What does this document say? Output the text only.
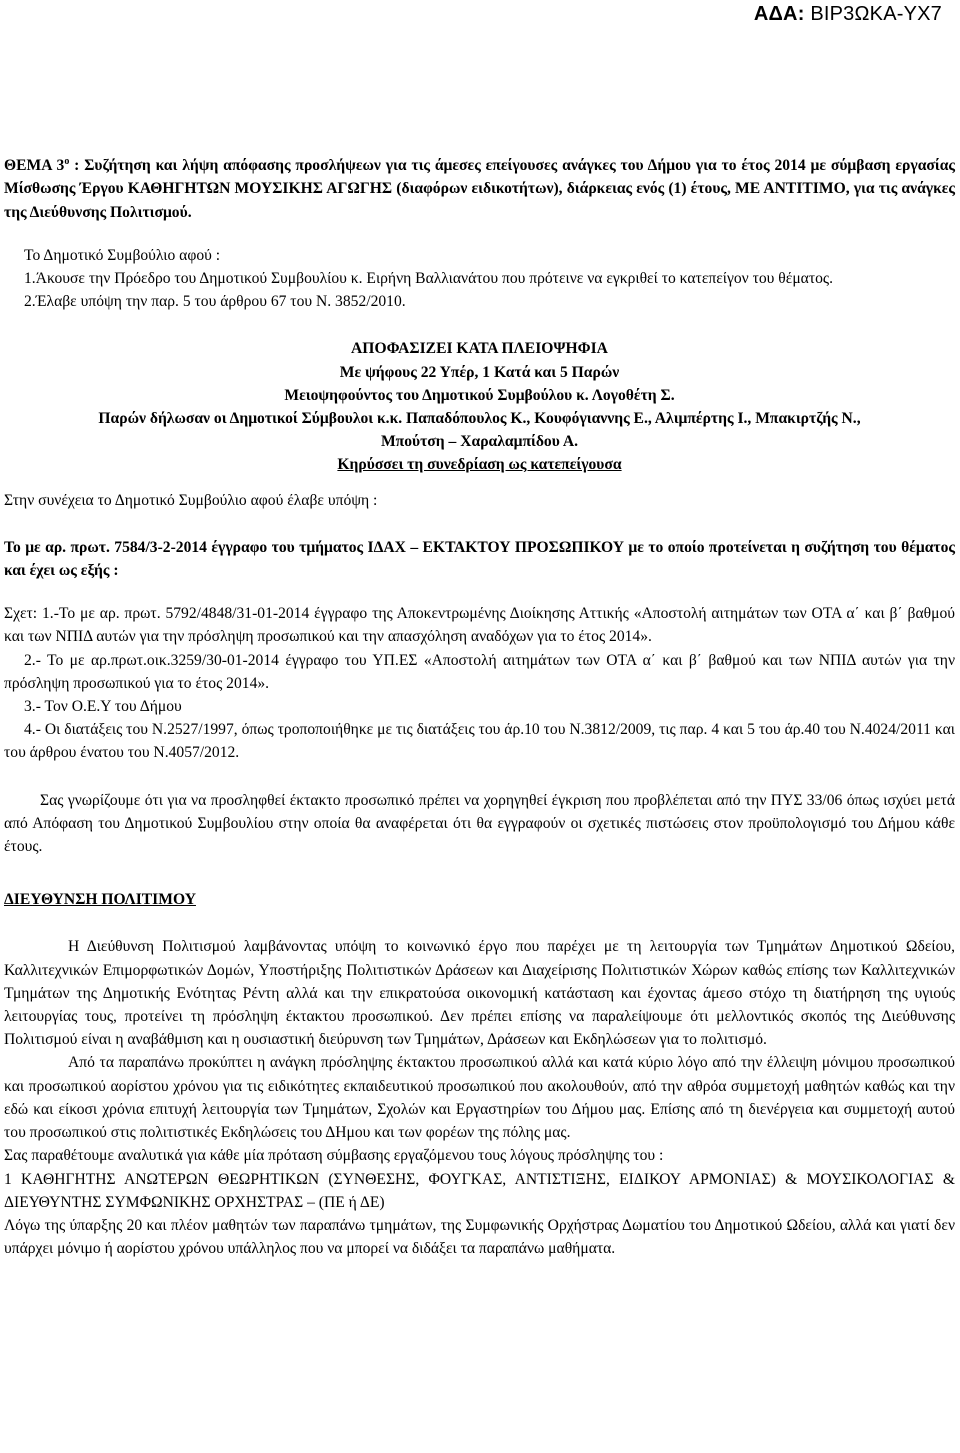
ΑΔΑ: ΒΙΡ3ΩΚΑ-ΥΧ7

ΘΕΜΑ $3^o$ : Συζήτηση και λήψη απόφασης προσλήψεων για τις άμεσες επείγουσες ανάγκες του Δήμου για το έτος 2014 με σύμβαση εργασίας Μίσθωσης Έργου ΚΑΘΗΓΗΤΩΝ ΜΟΥΣΙΚΗΣ ΑΓΩΓΗΣ (διαφόρων ειδικοτήτων), διάρκειας ενός (1) έτους, ΜΕ ΑΝΤΙΤΙΜΟ, για τις ανάγκες της Διεύθυνσης Πολιτισμού.

Το Δημοτικό Συμβούλιο αφού :

1.Άκουσε την Πρόεδρο του Δημοτικού Συμβουλίου κ. Ειρήνη Βαλλιανάτου που πρότεινε να εγκριθεί το κατεπείγον του θέματος.

2.Έλαβε υπόψη την παρ. 5 του άρθρου 67 του Ν. 3852/2010.

ΑΠΟΦΑΣΙΖΕΙ ΚΑΤΑ ΠΛΕΙΟΨΗΦΙΑ

Με ψήφους 22 Υπέρ, 1 Κατά και 5 Παρών

Μειοψηφούντος του Δημοτικού Συμβούλου κ. Λογοθέτη Σ.

Παρών δήλωσαν οι Δημοτικοί Σύμβουλοι κ.κ. Παπαδόπουλος Κ., Κουφόγιαννης Ε., Αλιμπέρτης Ι., Μπακιρτζής Ν., Μπούτση – Χαραλαμπίδου Α.

Κηρύσσει τη συνεδρίαση ως κατεπείγουσα

Στην συνέχεια το Δημοτικό Συμβούλιο αφού έλαβε υπόψη :

Το με αρ. πρωτ. 7584/3-2-2014 έγγραφο του τμήματος ΙΔΑΧ – ΕΚΤΑΚΤΟΥ ΠΡΟΣΩΠΙΚΟΥ με το οποίο προτείνεται η συζήτηση του θέματος και έχει ως εξής :

Σχετ: 1.-Το με αρ. πρωτ. 5792/4848/31-01-2014 έγγραφο της Αποκεντρωμένης Διοίκησης Αττικής «Αποστολή αιτημάτων των ΟΤΑ α΄ και β΄ βαθμού και των ΝΠΙΔ αυτών για την πρόσληψη προσωπικού και την απασχόληση αναδόχων για το έτος 2014».

2.- Το με αρ.πρωτ.οικ.3259/30-01-2014 έγγραφο του ΥΠ.ΕΣ «Αποστολή αιτημάτων των ΟΤΑ α΄ και β΄ βαθμού και των ΝΠΙΔ αυτών για την πρόσληψη προσωπικού για το έτος 2014».

3.- Τον Ο.Ε.Υ του Δήμου

4.- Οι διατάξεις του Ν.2527/1997, όπως τροποποιήθηκε με τις διατάξεις του άρ.10 του Ν.3812/2009, τις παρ. 4 και 5 του άρ.40 του Ν.4024/2011 και του άρθρου ένατου του Ν.4057/2012.

Σας γνωρίζουμε ότι για να προσληφθεί έκτακτο προσωπικό πρέπει να χορηγηθεί έγκριση που προβλέπεται από την ΠΥΣ 33/06 όπως ισχύει μετά από Απόφαση του Δημοτικού Συμβουλίου στην οποία θα αναφέρεται ότι θα εγγραφούν οι σχετικές πιστώσεις στον προϋπολογισμό του Δήμου κάθε έτους.

ΔΙΕΥΘΥΝΣΗ ΠΟΛΙΤΙΜΟΥ

Η Διεύθυνση Πολιτισμού λαμβάνοντας υπόψη το κοινωνικό έργο που παρέχει με τη λειτουργία των Τμημάτων Δημοτικού Ωδείου, Καλλιτεχνικών Επιμορφωτικών Δομών, Υποστήριξης Πολιτιστικών Δράσεων και Διαχείρισης Πολιτιστικών Χώρων καθώς επίσης των Καλλιτεχνικών Τμημάτων της Δημοτικής Ενότητας Ρέντη αλλά και την επικρατούσα οικονομική κατάσταση και έχοντας άμεσο στόχο τη διατήρηση της υγιούς λειτουργίας τους, προτείνει τη πρόσληψη έκτακτου προσωπικού. Δεν πρέπει επίσης να παραλείψουμε ότι μελλοντικός σκοπός της Διεύθυνσης Πολιτισμού είναι η αναβάθμιση και η ουσιαστική διεύρυνση των Τμημάτων, Δράσεων και Εκδηλώσεων για το πολιτισμό.

Από τα παραπάνω προκύπτει η ανάγκη πρόσληψης έκτακτου προσωπικού αλλά και κατά κύριο λόγο από την έλλειψη μόνιμου προσωπικού και προσωπικού αορίστου χρόνου για τις ειδικότητες εκπαιδευτικού προσωπικού που ακολουθούν, από την αθρόα συμμετοχή μαθητών καθώς και την εδώ και είκοσι χρόνια επιτυχή λειτουργία των Τμημάτων, Σχολών και Εργαστηρίων του Δήμου μας. Επίσης από τη διενέργεια και συμμετοχή αυτού του προσωπικού στις πολιτιστικές Εκδηλώσεις του ΔΗμου και των φορέων της πόλης μας.

Σας παραθέτουμε αναλυτικά για κάθε μία πρόταση σύμβασης εργαζόμενου τους λόγους πρόσληψης του :

1 ΚΑΘΗΓΗΤΗΣ ΑΝΩΤΕΡΩΝ ΘΕΩΡΗΤΙΚΩΝ (ΣΥΝΘΕΣΗΣ, ΦΟΥΓΚΑΣ, ΑΝΤΙΣΤΙΞΗΣ, ΕΙΔΙΚΟΥ ΑΡΜΟΝΙΑΣ) & ΜΟΥΣΙΚΟΛΟΓΙΑΣ & ΔΙΕΥΘΥΝΤΗΣ ΣΥΜΦΩΝΙΚΗΣ ΟΡΧΗΣΤΡΑΣ – (ΠΕ ή ΔΕ)

Λόγω της ύπαρξης 20 και πλέον μαθητών των παραπάνω τμημάτων, της Συμφωνικής Ορχήστρας Δωματίου του Δημοτικού Ωδείου, αλλά και γιατί δεν υπάρχει μόνιμο ή αορίστου χρόνου υπάλληλος που να μπορεί να διδάξει τα παραπάνω μαθήματα.
